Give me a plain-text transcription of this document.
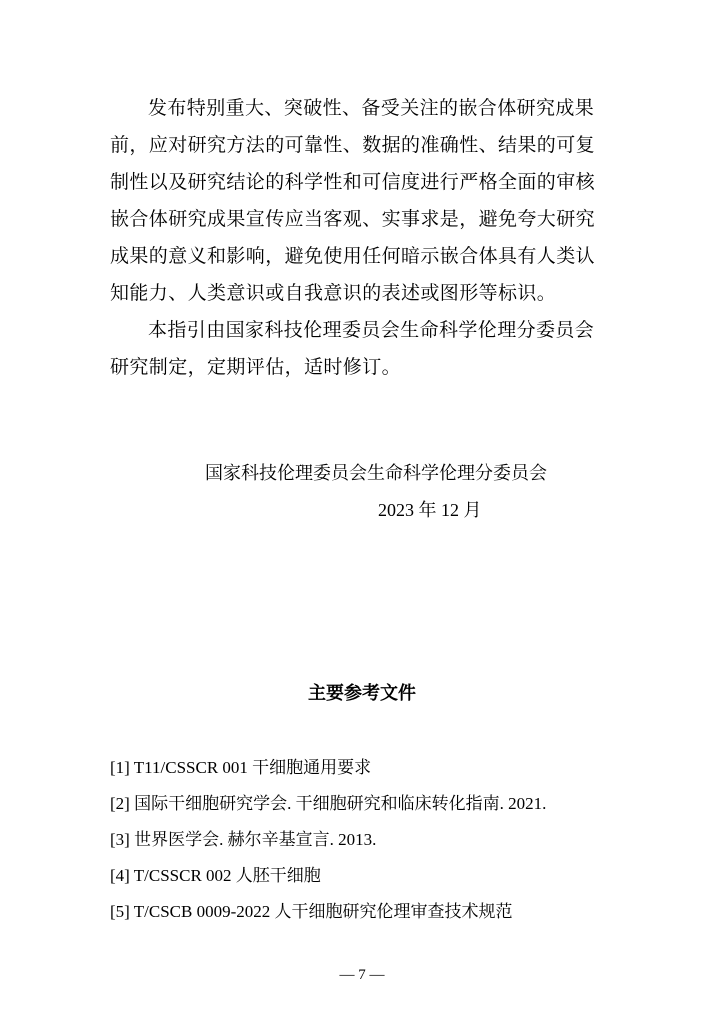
发布特别重大、突破性、备受关注的嵌合体研究成果
前，应对研究方法的可靠性、数据的准确性、结果的可复
制性以及研究结论的科学性和可信度进行严格全面的审核
嵌合体研究成果宣传应当客观、实事求是，避免夸大研究
成果的意义和影响，避免使用任何暗示嵌合体具有人类认
知能力、人类意识或自我意识的表述或图形等标识。
本指引由国家科技伦理委员会生命科学伦理分委员会
研究制定，定期评估，适时修订。
国家科技伦理委员会生命科学伦理分委员会
2023 年 12 月
主要参考文件
[1] T11/CSSCR 001 干细胞通用要求
[2] 国际干细胞研究学会. 干细胞研究和临床转化指南. 2021.
[3] 世界医学会. 赫尔辛基宣言. 2013.
[4] T/CSSCR 002 人胚干细胞
[5] T/CSCB 0009-2022 人干细胞研究伦理审查技术规范
— 7 —
